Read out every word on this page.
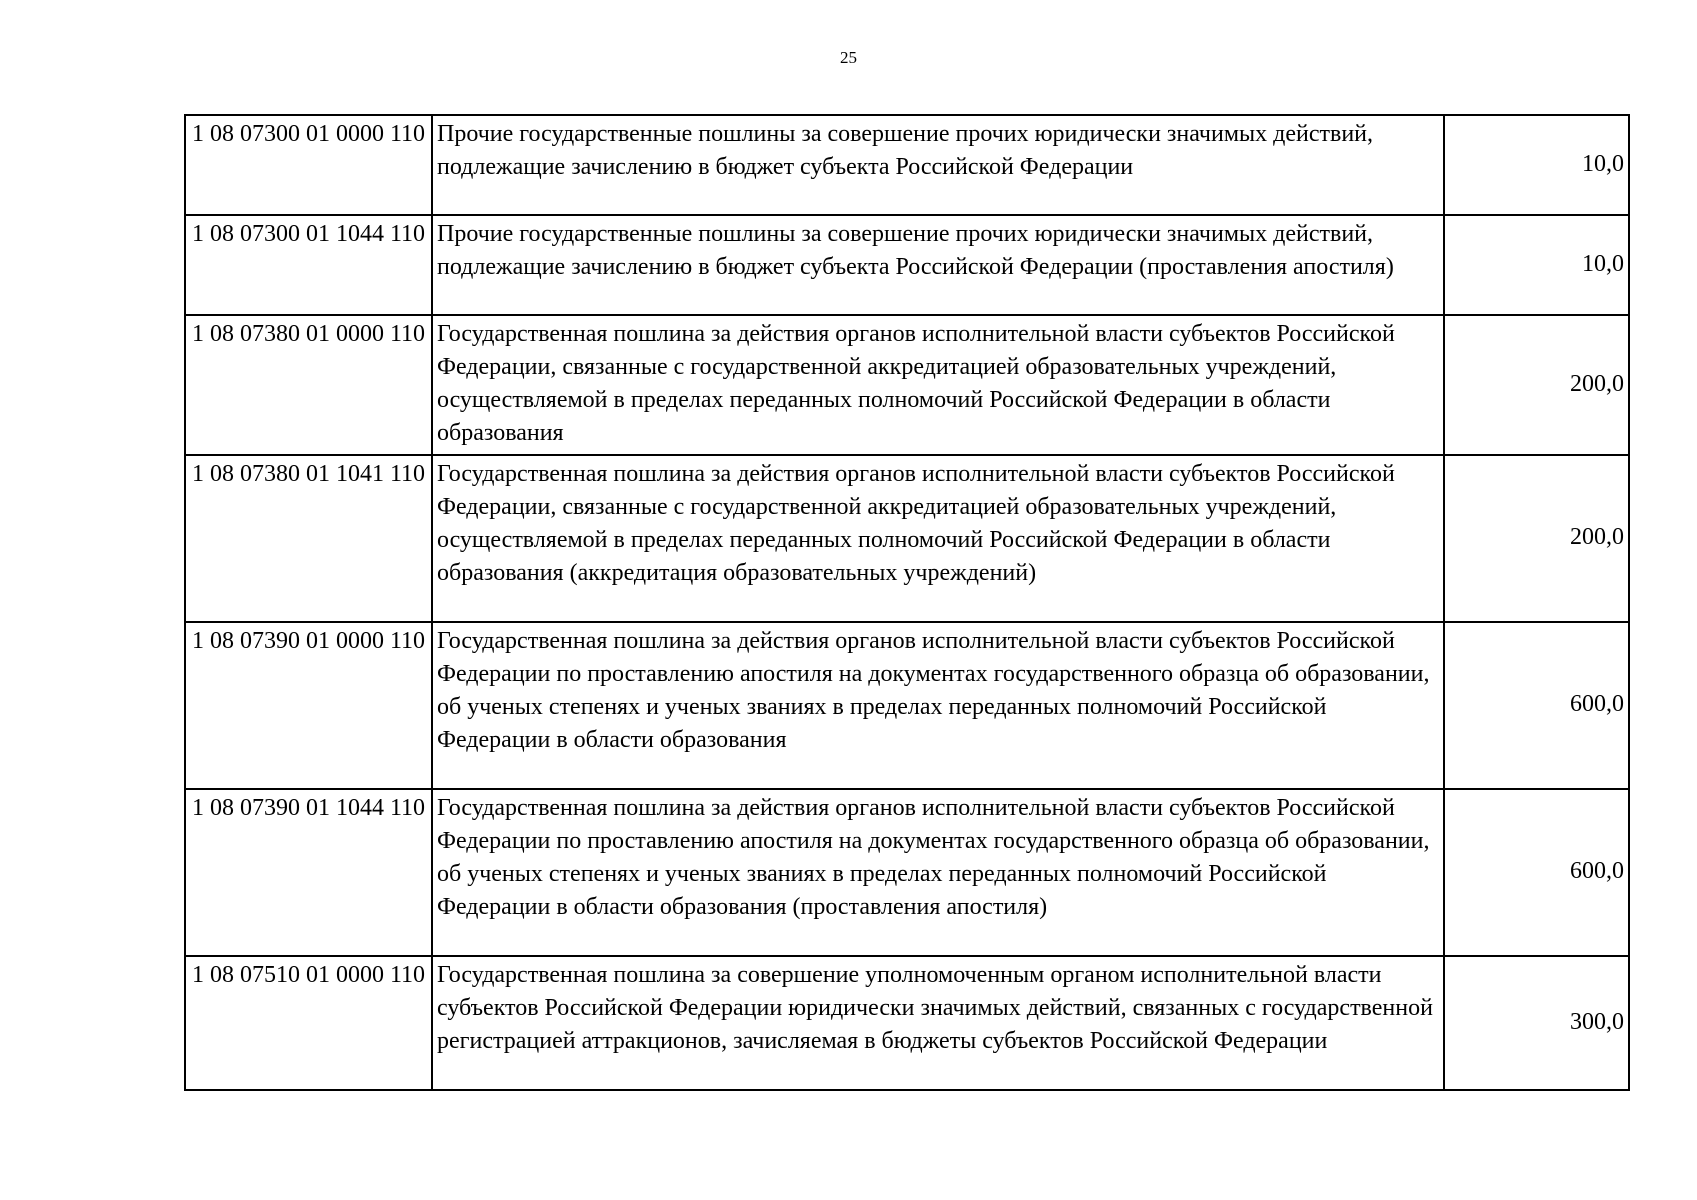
25
1 08 07300 01 0000 110	Прочие государственные пошлины за совершение прочих юридически значимых действий, подлежащие зачислению в бюджет субъекта Российской Федерации	10,0
1 08 07300 01 1044 110	Прочие государственные пошлины за совершение прочих юридически значимых действий, подлежащие зачислению в бюджет субъекта Российской Федерации (проставления апостиля)	10,0
1 08 07380 01 0000 110	Государственная пошлина за действия органов исполнительной власти субъектов Российской Федерации, связанные с государственной аккредитацией образовательных учреждений, осуществляемой в пределах переданных полномочий Российской Федерации в области образования	200,0
1 08 07380 01 1041 110	Государственная пошлина за действия органов исполнительной власти субъектов Российской Федерации, связанные с государственной аккредитацией образовательных учреждений, осуществляемой в пределах переданных полномочий Российской Федерации в области образования (аккредитация образовательных учреждений)	200,0
1 08 07390 01 0000 110	Государственная пошлина за действия органов исполнительной власти субъектов Российской Федерации по проставлению апостиля на документах государственного образца об образовании, об ученых степенях и ученых званиях в пределах переданных полномочий Российской Федерации в области образования	600,0
1 08 07390 01 1044 110	Государственная пошлина за действия органов исполнительной власти субъектов Российской Федерации по проставлению апостиля на документах государственного образца об образовании, об ученых степенях и ученых званиях в пределах переданных полномочий Российской Федерации в области образования (проставления апостиля)	600,0
1 08 07510 01 0000 110	Государственная пошлина за совершение уполномоченным органом исполнительной власти субъектов Российской Федерации юридически значимых действий, связанных с государственной регистрацией аттракционов, зачисляемая в бюджеты субъектов Российской Федерации	300,0
